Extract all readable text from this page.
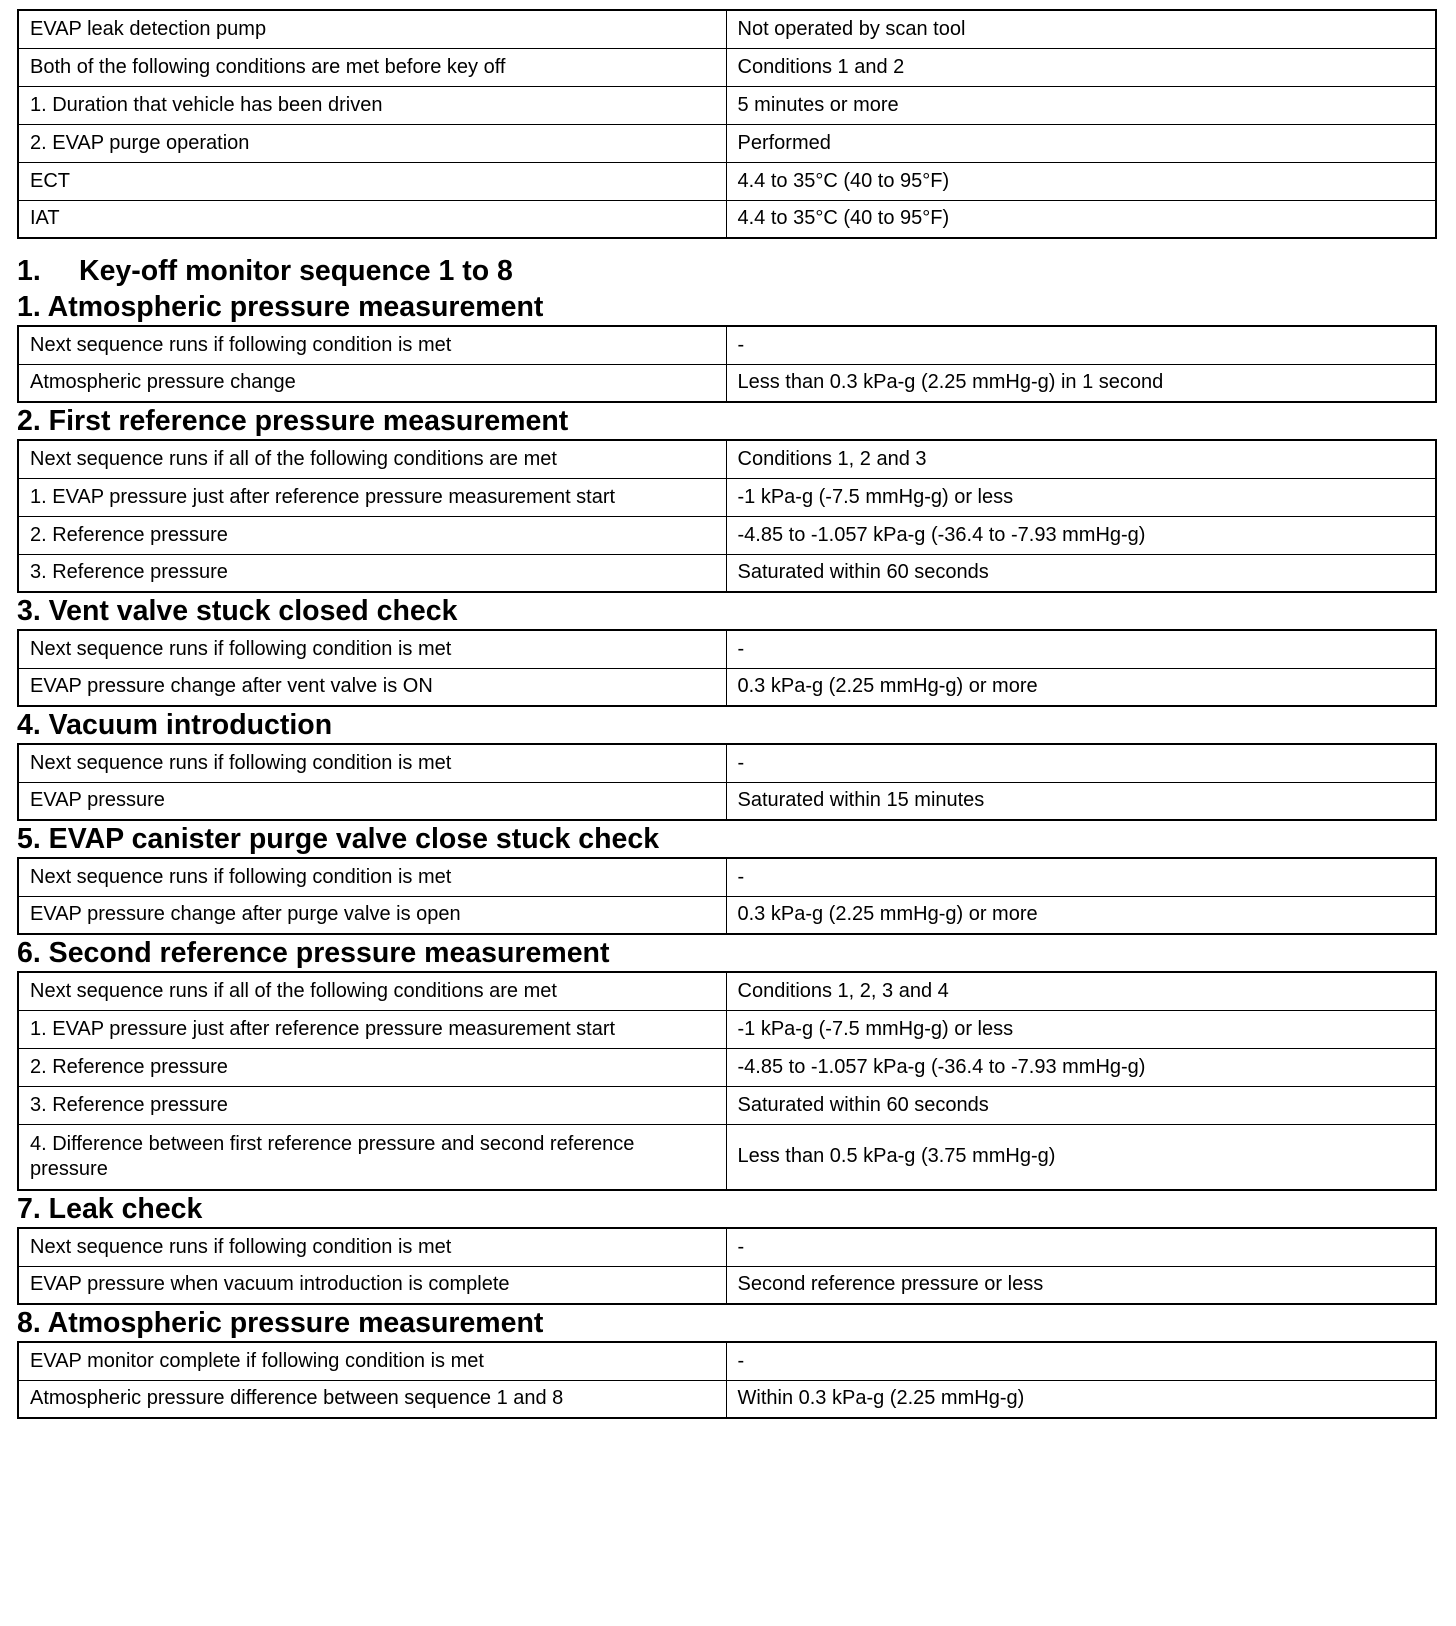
EVAP leak detection pump	Not operated by scan tool
Both of the following conditions are met before key off	Conditions 1 and 2
1. Duration that vehicle has been driven	5 minutes or more
2. EVAP purge operation	Performed
ECT	4.4 to 35°C (40 to 95°F)
IAT	4.4 to 35°C (40 to 95°F)
1. Key-off monitor sequence 1 to 8
1. Atmospheric pressure measurement
Next sequence runs if following condition is met	-
Atmospheric pressure change	Less than 0.3 kPa-g (2.25 mmHg-g) in 1 second
2. First reference pressure measurement
Next sequence runs if all of the following conditions are met	Conditions 1, 2 and 3
1. EVAP pressure just after reference pressure measurement start	-1 kPa-g (-7.5 mmHg-g) or less
2. Reference pressure	-4.85 to -1.057 kPa-g (-36.4 to -7.93 mmHg-g)
3. Reference pressure	Saturated within 60 seconds
3. Vent valve stuck closed check
Next sequence runs if following condition is met	-
EVAP pressure change after vent valve is ON	0.3 kPa-g (2.25 mmHg-g) or more
4. Vacuum introduction
Next sequence runs if following condition is met	-
EVAP pressure	Saturated within 15 minutes
5. EVAP canister purge valve close stuck check
Next sequence runs if following condition is met	-
EVAP pressure change after purge valve is open	0.3 kPa-g (2.25 mmHg-g) or more
6. Second reference pressure measurement
Next sequence runs if all of the following conditions are met	Conditions 1, 2, 3 and 4
1. EVAP pressure just after reference pressure measurement start	-1 kPa-g (-7.5 mmHg-g) or less
2. Reference pressure	-4.85 to -1.057 kPa-g (-36.4 to -7.93 mmHg-g)
3. Reference pressure	Saturated within 60 seconds
4. Difference between first reference pressure and second reference pressure	Less than 0.5 kPa-g (3.75 mmHg-g)
7. Leak check
Next sequence runs if following condition is met	-
EVAP pressure when vacuum introduction is complete	Second reference pressure or less
8. Atmospheric pressure measurement
EVAP monitor complete if following condition is met	-
Atmospheric pressure difference between sequence 1 and 8	Within 0.3 kPa-g (2.25 mmHg-g)
